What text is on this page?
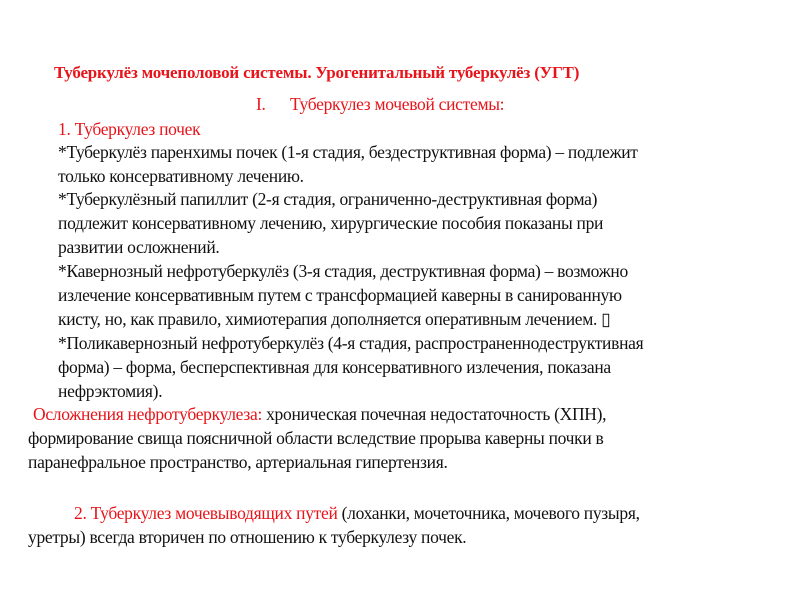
Туберкулёз мочеполовой системы. Урогенитальный туберкулёз (УГТ)
I. Туберкулез мочевой системы:
1. Туберкулез почек
*Туберкулёз паренхимы почек (1-я стадия, бездеструктивная форма) – подлежит
только консервативному лечению.
*Туберкулёзный папиллит (2-я стадия, ограниченно-деструктивная форма)
подлежит консервативному лечению, хирургические пособия показаны при
развитии осложнений.
*Кавернозный нефротуберкулёз (3-я стадия, деструктивная форма) – возможно
излечение консервативным путем с трансформацией каверны в санированную
кисту, но, как правило, химиотерапия дополняется оперативным лечением. ▯
*Поликавернозный нефротуберкулёз (4-я стадия, распространеннодеструктивная
форма) – форма, бесперспективная для консервативного излечения, показана
нефрэктомия).
Осложнения нефротуберкулеза: хроническая почечная недостаточность (ХПН),
формирование свища поясничной области вследствие прорыва каверны почки в
паранефральное пространство, артериальная гипертензия.
2. Туберкулез мочевыводящих путей (лоханки, мочеточника, мочевого пузыря,
уретры) всегда вторичен по отношению к туберкулезу почек.
